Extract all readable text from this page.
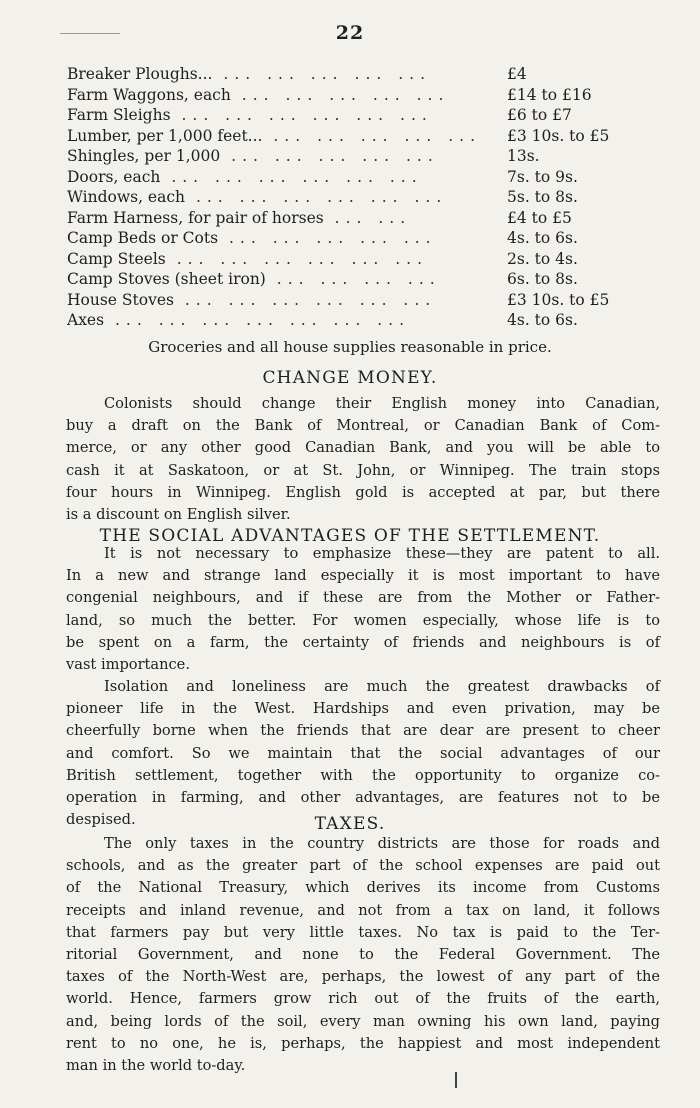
22
Breaker Ploughs... ... ... ... ... ...	£4
Farm Waggons, each ... ... ... ... ...	£14 to £16
Farm Sleighs ... ... ... ... ... ...	£6 to £7
Lumber, per 1,000 feet... ... ... ... ... ...	£3 10s. to £5
Shingles, per 1,000 ... ... ... ... ...	13s.
Doors, each ... ... ... ... ... ...	7s. to 9s.
Windows, each ... ... ... ... ... ...	5s. to 8s.
Farm Harness, for pair of horses ... ...	£4 to £5
Camp Beds or Cots ... ... ... ... ...	4s. to 6s.
Camp Steels ... ... ... ... ... ...	2s. to 4s.
Camp Stoves (sheet iron) ... ... ... ...	6s. to 8s.
House Stoves ... ... ... ... ... ...	£3 10s. to £5
Axes ... ... ... ... ... ... ...	4s. to 6s.
Groceries and all house supplies reasonable in price.
CHANGE MONEY.
Colonists should change their English money into Canadian,
buy a draft on the Bank of Montreal, or Canadian Bank of Com-
merce, or any other good Canadian Bank, and you will be able to
cash it at Saskatoon, or at St. John, or Winnipeg. The train stops
four hours in Winnipeg. English gold is accepted at par, but there
is a discount on English silver.
THE SOCIAL ADVANTAGES OF THE SETTLEMENT.
It is not necessary to emphasize these—they are patent to all.
In a new and strange land especially it is most important to have
congenial neighbours, and if these are from the Mother or Father-
land, so much the better. For women especially, whose life is to
be spent on a farm, the certainty of friends and neighbours is of
vast importance.
Isolation and loneliness are much the greatest drawbacks of
pioneer life in the West. Hardships and even privation, may be
cheerfully borne when the friends that are dear are present to cheer
and comfort. So we maintain that the social advantages of our
British settlement, together with the opportunity to organize co-
operation in farming, and other advantages, are features not to be
despised.	TAXES.
The only taxes in the country districts are those for roads and
schools, and as the greater part of the school expenses are paid out
of the National Treasury, which derives its income from Customs
receipts and inland revenue, and not from a tax on land, it follows
that farmers pay but very little taxes. No tax is paid to the Ter-
ritorial Government, and none to the Federal Government. The
taxes of the North-West are, perhaps, the lowest of any part of the
world. Hence, farmers grow rich out of the fruits of the earth,
and, being lords of the soil, every man owning his own land, paying
rent to no one, he is, perhaps, the happiest and most independent
man in the world to-day.
